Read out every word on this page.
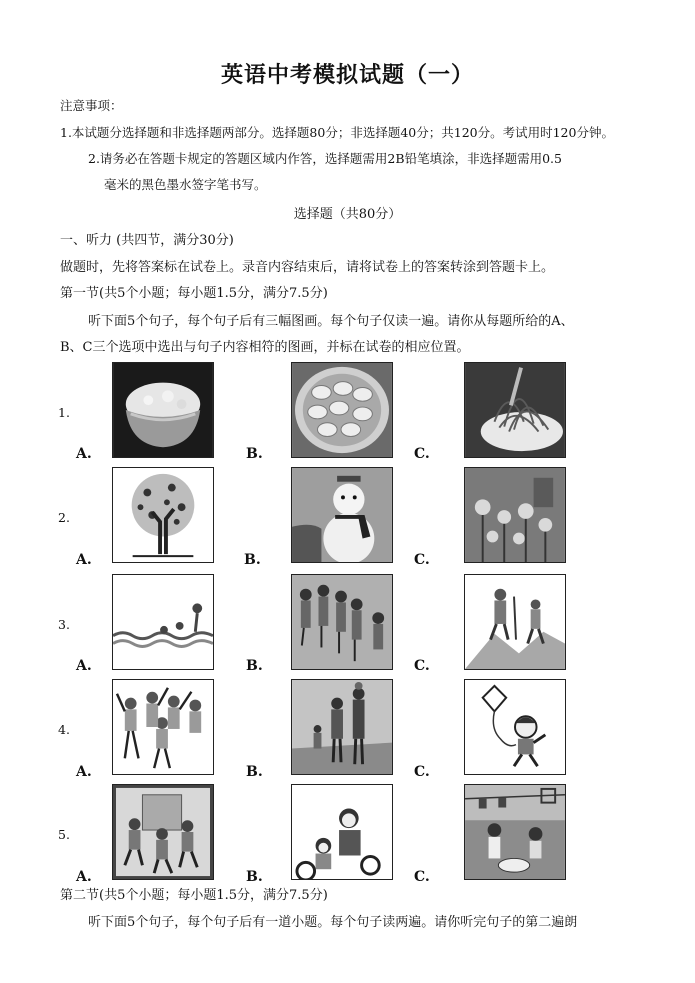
英语中考模拟试题（一）
注意事项：
1.本试题分选择题和非选择题两部分。选择题80分；非选择题40分；共120分。考试用时120分钟。
2.请务必在答题卡规定的答题区域内作答，选择题需用2B铅笔填涂，非选择题需用0.5
毫米的黑色墨水签字笔书写。
选择题（共80分）
一、听力 (共四节，满分30分)
做题时，先将答案标在试卷上。录音内容结束后，请将试卷上的答案转涂到答题卡上。
第一节(共5个小题；每小题1.5分，满分7.5分)
听下面5个句子，每个句子后有三幅图画。每个句子仅读一遍。请你从每题所给的A、
B、C三个选项中选出与句子内容相符的图画，并标在试卷的相应位置。
1.
A.	B.	C.
2.
A.	B.	C.
3.
A.	B.	C.
4.
A.	B.	C.
5.
A.	B.	C.
第二节(共5个小题；每小题1.5分，满分7.5分)
听下面5个句子，每个句子后有一道小题。每个句子读两遍。请你听完句子的第二遍朗
